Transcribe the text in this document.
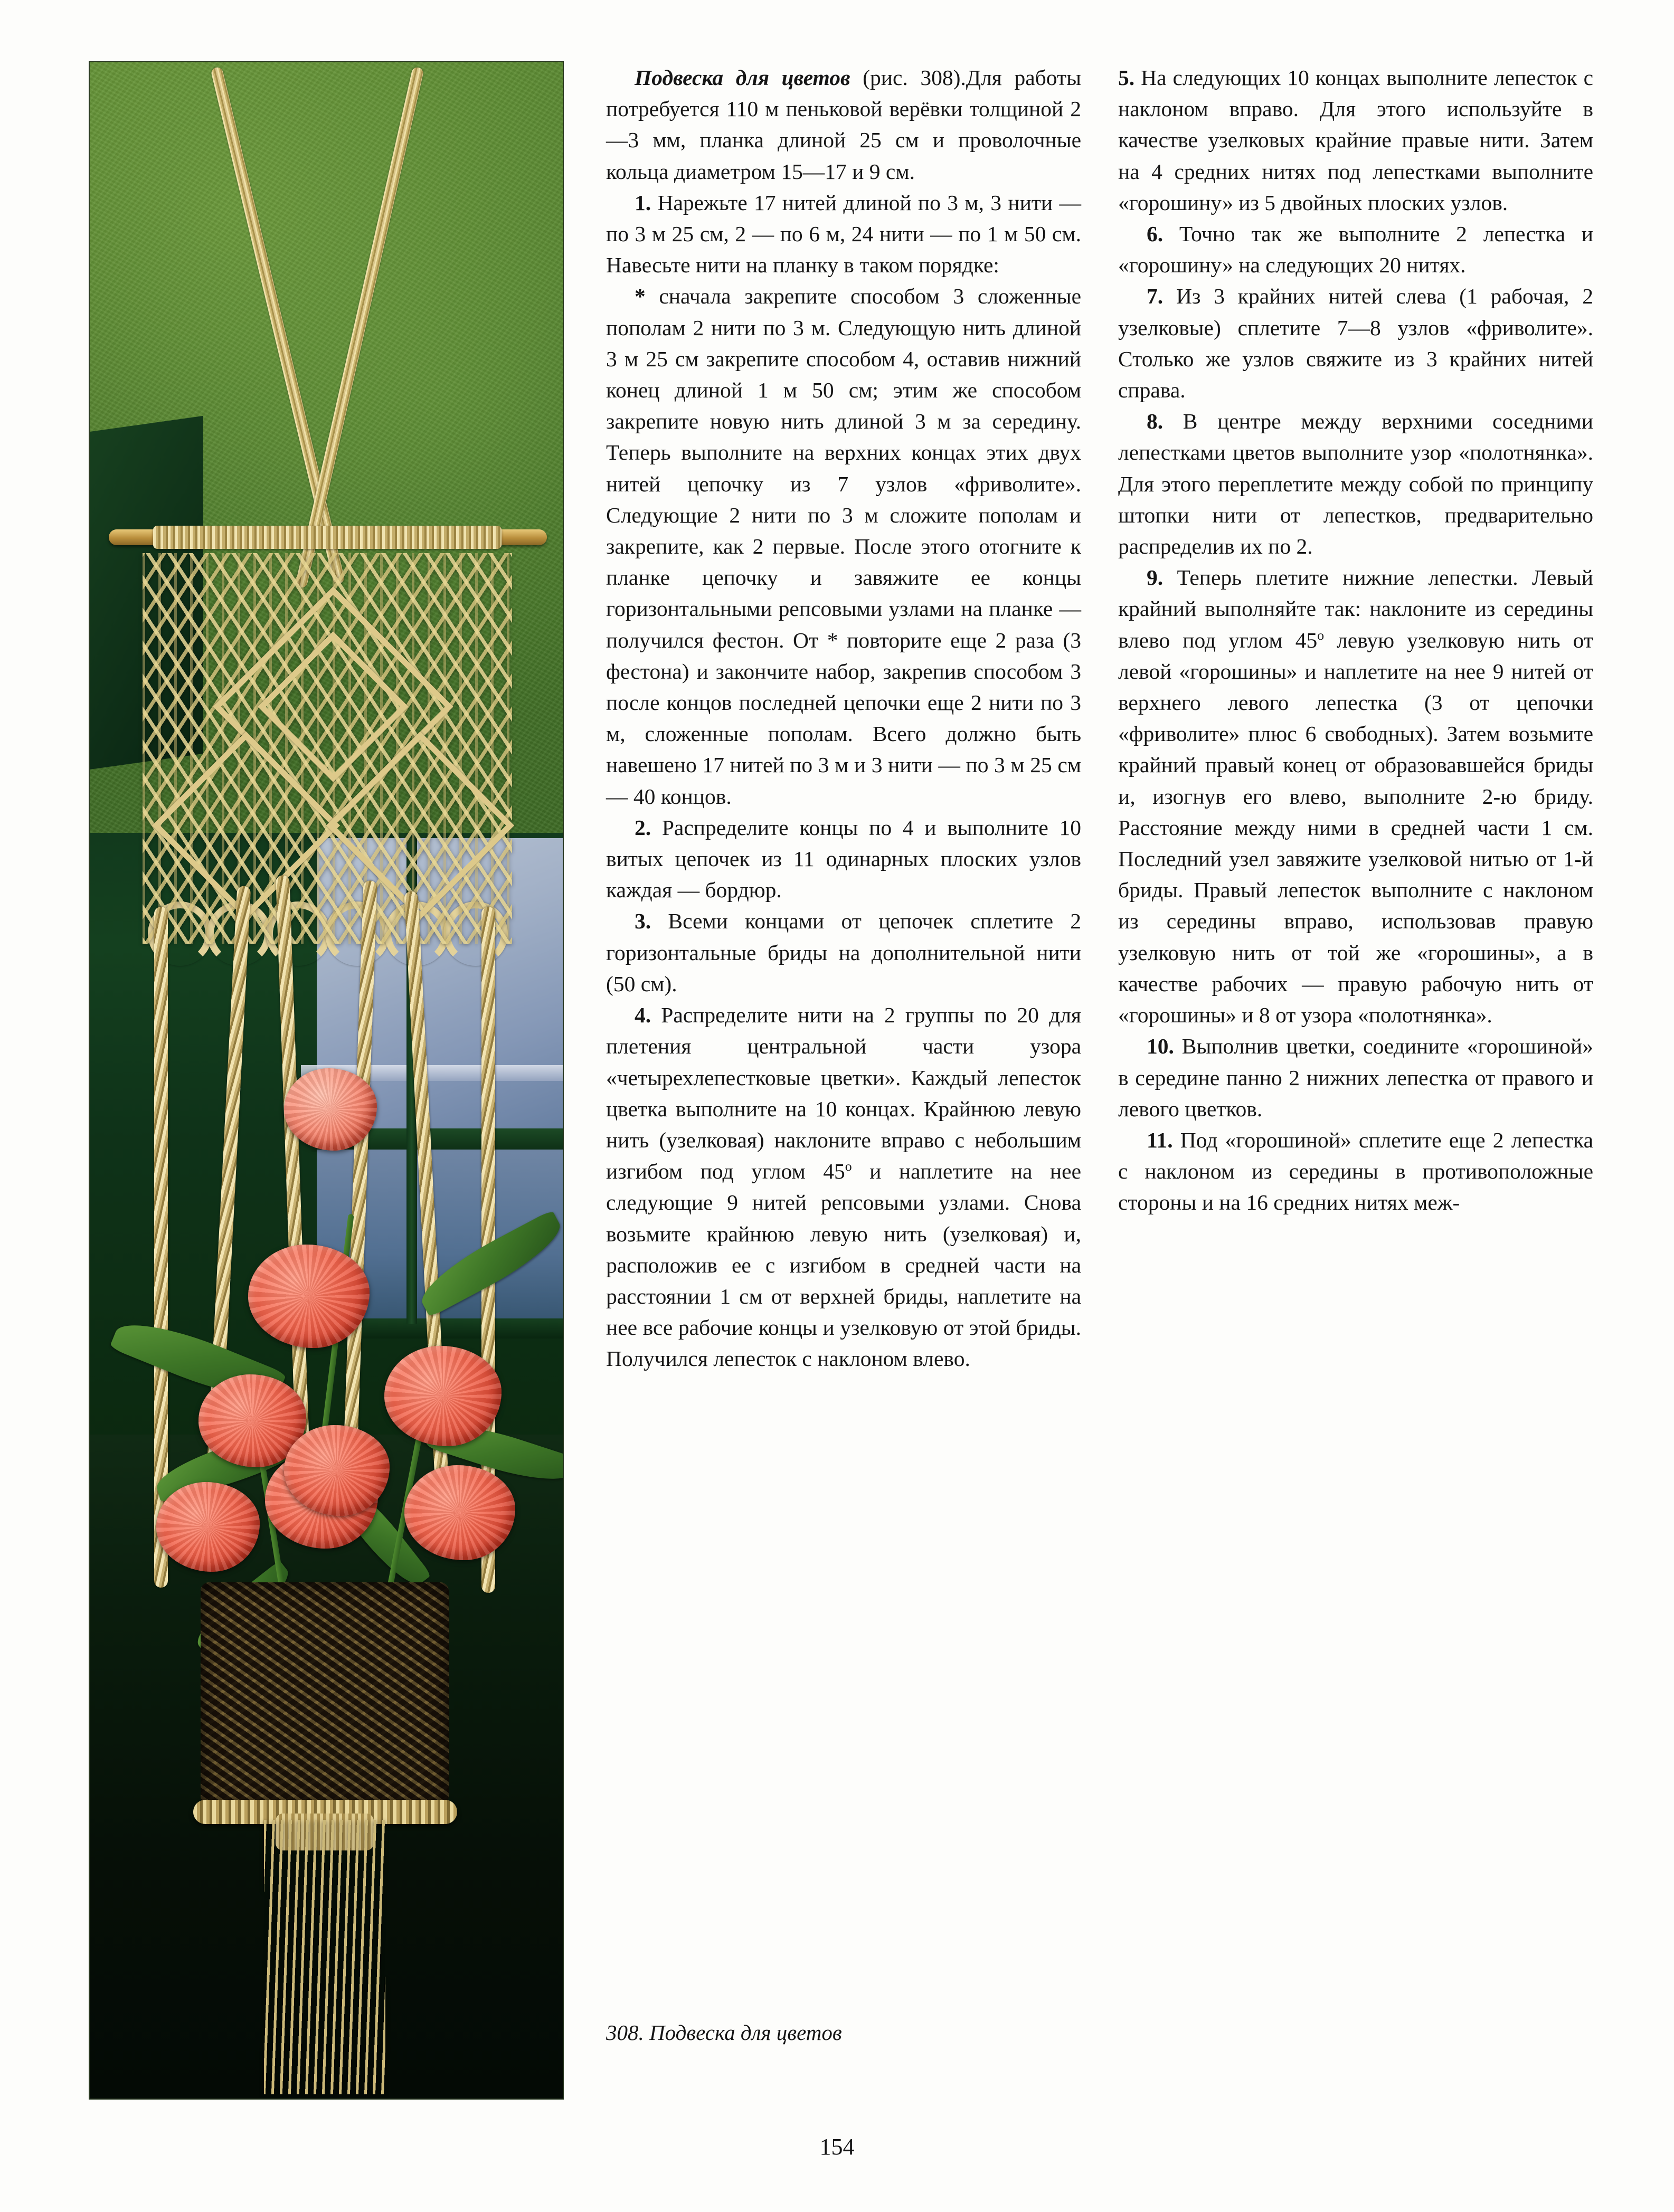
Подвеска для цветов (рис. 308).Для работы потребуется 110 м пеньковой верёвки толщиной 2—3 мм, планка длиной 25 см и проволочные кольца диаметром 15—17 и 9 см.

1. Нарежьте 17 нитей длиной по 3 м, 3 нити — по 3 м 25 см, 2 — по 6 м, 24 нити — по 1 м 50 см. Навесьте нити на планку в таком порядке:

* сначала закрепите способом 3 сложенные пополам 2 нити по 3 м. Следующую нить длиной 3 м 25 см закрепите способом 4, оставив нижний конец длиной 1 м 50 см; этим же способом закрепите новую нить длиной 3 м за середину. Теперь выполните на верхних концах этих двух нитей цепочку из 7 узлов «фриволите». Следующие 2 нити по 3 м сложите пополам и закрепите, как 2 первые. После этого отогните к планке цепочку и завяжите ее концы горизонтальными репсовыми узлами на планке — получился фестон. От * повторите еще 2 раза (3 фестона) и закончите набор, закрепив способом 3 после концов последней цепочки еще 2 нити по 3 м, сложенные пополам. Всего должно быть навешено 17 нитей по 3 м и 3 нити — по 3 м 25 см — 40 концов.

2. Распределите концы по 4 и выполните 10 витых цепочек из 11 одинарных плоских узлов каждая — бордюр.

3. Всеми концами от цепочек сплетите 2 горизонтальные бриды на дополнительной нити (50 см).

4. Распределите нити на 2 группы по 20 для плетения центральной части узора «четырехлепестковые цветки». Каждый лепесток цветка выполните на 10 концах. Крайнюю левую нить (узелковая) наклоните вправо с небольшим изгибом под углом 45$^o$ и наплетите на нее следующие 9 нитей репсовыми узлами. Снова возьмите крайнюю левую нить (узелковая) и, расположив ее с изгибом в средней части на расстоянии 1 см от верхней бриды, наплетите на нее все рабочие концы и узелковую от этой бриды. Получился лепесток с наклоном влево.

308. Подвеска для цветов

5. На следующих 10 концах выполните лепесток с наклоном вправо. Для этого используйте в качестве узелковых крайние правые нити. Затем на 4 средних нитях под лепестками выполните «горошину» из 5 двойных плоских узлов.

6. Точно так же выполните 2 лепестка и «горошину» на следующих 20 нитях.

7. Из 3 крайних нитей слева (1 рабочая, 2 узелковые) сплетите 7—8 узлов «фриволите». Столько же узлов свяжите из 3 крайних нитей справа.

8. В центре между верхними соседними лепестками цветов выполните узор «полотнянка». Для этого переплетите между собой по принципу штопки нити от лепестков, предварительно распределив их по 2.

9. Теперь плетите нижние лепестки. Левый крайний выполняйте так: наклоните из середины влево под углом 45$^o$ левую узелковую нить от левой «горошины» и наплетите на нее 9 нитей от верхнего левого лепестка (3 от цепочки «фриволите» плюс 6 свободных). Затем возьмите крайний правый конец от образовавшейся бриды и, изогнув его влево, выполните 2-ю бриду. Расстояние между ними в средней части 1 см. Последний узел завяжите узелковой нитью от 1-й бриды. Правый лепесток выполните с наклоном из середины вправо, использовав правую узелковую нить от той же «горошины», а в качестве рабочих — правую рабочую нить от «горошины» и 8 от узора «полотнянка».

10. Выполнив цветки, соедините «горошиной» в середине панно 2 нижних лепестка от правого и левого цветков.

11. Под «горошиной» сплетите еще 2 лепестка с наклоном из середины в противоположные стороны и на 16 средних нитях меж-

154
